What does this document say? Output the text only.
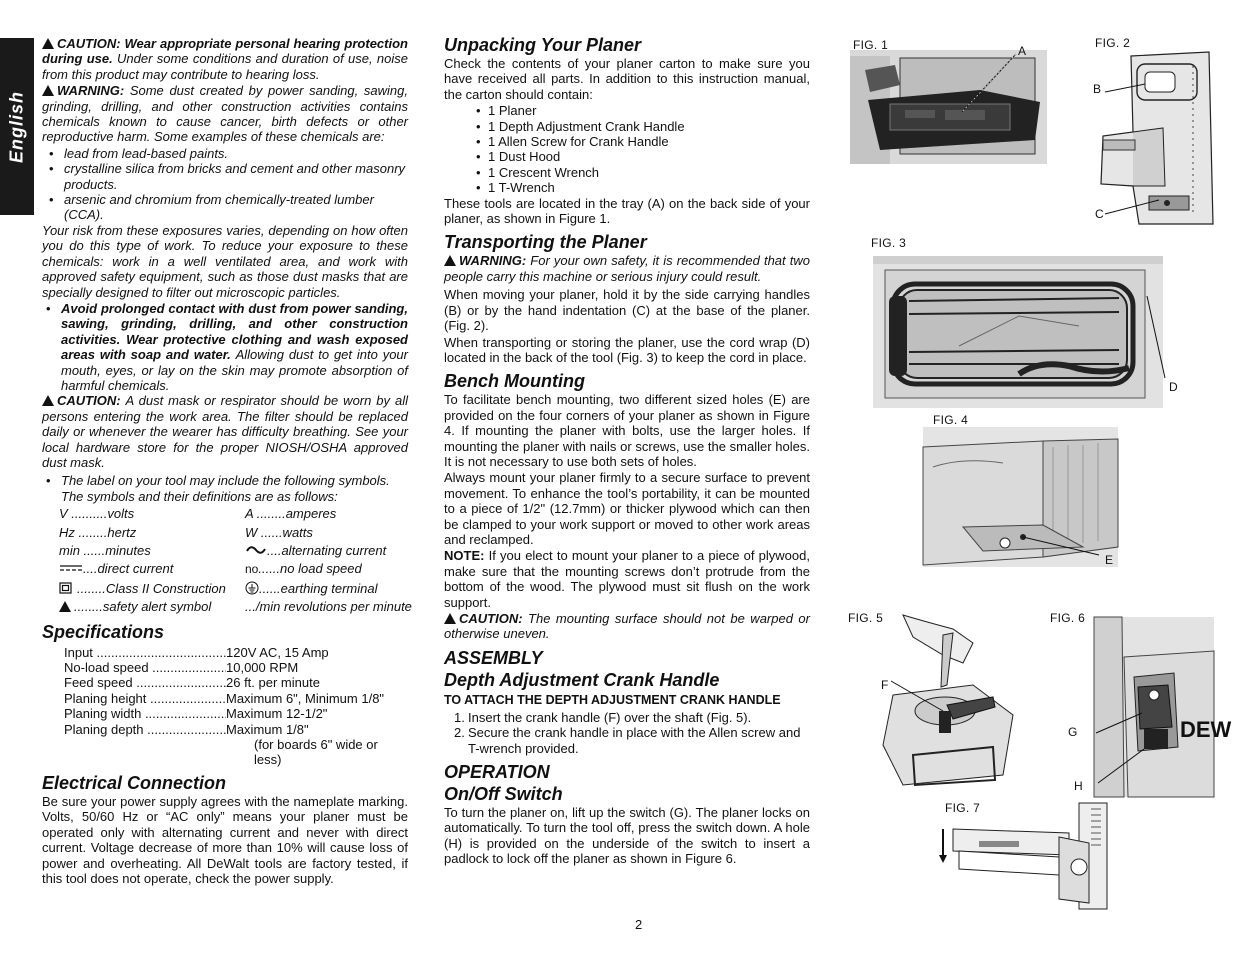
English

CAUTION: Wear appropriate personal hearing protection during use. Under some conditions and duration of use, noise from this product may contribute to hearing loss.

WARNING: Some dust created by power sanding, sawing, grinding, drilling, and other construction activities contains chemicals known to cause cancer, birth defects or other reproductive harm. Some examples of these chemicals are:

• lead from lead-based paints.
• crystalline silica from bricks and cement and other masonry products.
• arsenic and chromium from chemically-treated lumber (CCA).

Your risk from these exposures varies, depending on how often you do this type of work. To reduce your exposure to these chemicals: work in a well ventilated area, and work with approved safety equipment, such as those dust masks that are specially designed to filter out microscopic particles.

• Avoid prolonged contact with dust from power sanding, sawing, grinding, drilling, and other construction activities. Wear protective clothing and wash exposed areas with soap and water. Allowing dust to get into your mouth, eyes, or lay on the skin may promote absorption of harmful chemicals.

CAUTION: A dust mask or respirator should be worn by all persons entering the work area. The filter should be replaced daily or whenever the wearer has difficulty breathing. See your local hardware store for the proper NIOSH/OSHA approved dust mask.

• The label on your tool may include the following symbols. The symbols and their definitions are as follows:
V ..........volts	A ........amperes
Hz ........hertz	W ......watts
min ......minutes	....alternating current
....direct current	no......no load speed
........Class II Construction	......earthing terminal
........safety alert symbol	.../min revolutions per minute
Specifications
Input .....	120V AC, 15 Amp
No-load speed .....	10,000 RPM
Feed speed .....	26 ft. per minute
Planing height .....	Maximum 6", Minimum 1/8"
Planing width .....	Maximum 12-1/2"
Planing depth .....	Maximum 1/8"
(for boards 6" wide or less)
Electrical Connection

Be sure your power supply agrees with the nameplate marking. Volts, 50/60 Hz or “AC only” means your planer must be operated only with alternating current and never with direct current. Voltage decrease of more than 10% will cause loss of power and overheating. All DeWalt tools are factory tested, if this tool does not operate, check the power supply.

Unpacking Your Planer

Check the contents of your planer carton to make sure you have received all parts. In addition to this instruction manual, the carton should contain:

• 1 Planer
• 1 Depth Adjustment Crank Handle
• 1 Allen Screw for Crank Handle
• 1 Dust Hood
• 1 Crescent Wrench
• 1 T-Wrench

These tools are located in the tray (A) on the back side of your planer, as shown in Figure 1.

Transporting the Planer

WARNING: For your own safety, it is recommended that two people carry this machine or serious injury could result.

When moving your planer, hold it by the side carrying handles (B) or by the hand indentation (C) at the base of the planer. (Fig. 2).

When transporting or storing the planer, use the cord wrap (D) located in the back of the tool (Fig. 3) to keep the cord in place.

Bench Mounting

To facilitate bench mounting, two different sized holes (E) are provided on the four corners of your planer as shown in Figure 4. If mounting the planer with bolts, use the larger holes. If mounting the planer with nails or screws, use the smaller holes. It is not necessary to use both sets of holes.

Always mount your planer firmly to a secure surface to prevent movement. To enhance the tool’s portability, it can be mounted to a piece of 1/2" (12.7mm) or thicker plywood which can then be clamped to your work support or moved to other work areas and reclamped.

NOTE: If you elect to mount your planer to a piece of plywood, make sure that the mounting screws don’t protrude from the bottom of the wood. The plywood must sit flush on the work support.

CAUTION: The mounting surface should not be warped or otherwise uneven.

ASSEMBLY
Depth Adjustment Crank Handle
TO ATTACH THE DEPTH ADJUSTMENT CRANK HANDLE
1. Insert the crank handle (F) over the shaft (Fig. 5).
2. Secure the crank handle in place with the Allen screw and T-wrench provided.
OPERATION
On/Off Switch

To turn the planer on, lift up the switch (G). The planer locks on automatically. To turn the tool off, press the switch down. A hole (H) is provided on the underside of the switch to insert a padlock to lock off the planer as shown in Figure 6.

FIG. 1	A
FIG. 2
B
C
FIG. 3
D
FIG. 4
E
FIG. 5
F
FIG. 6
DEW
G
H
FIG. 7
2
